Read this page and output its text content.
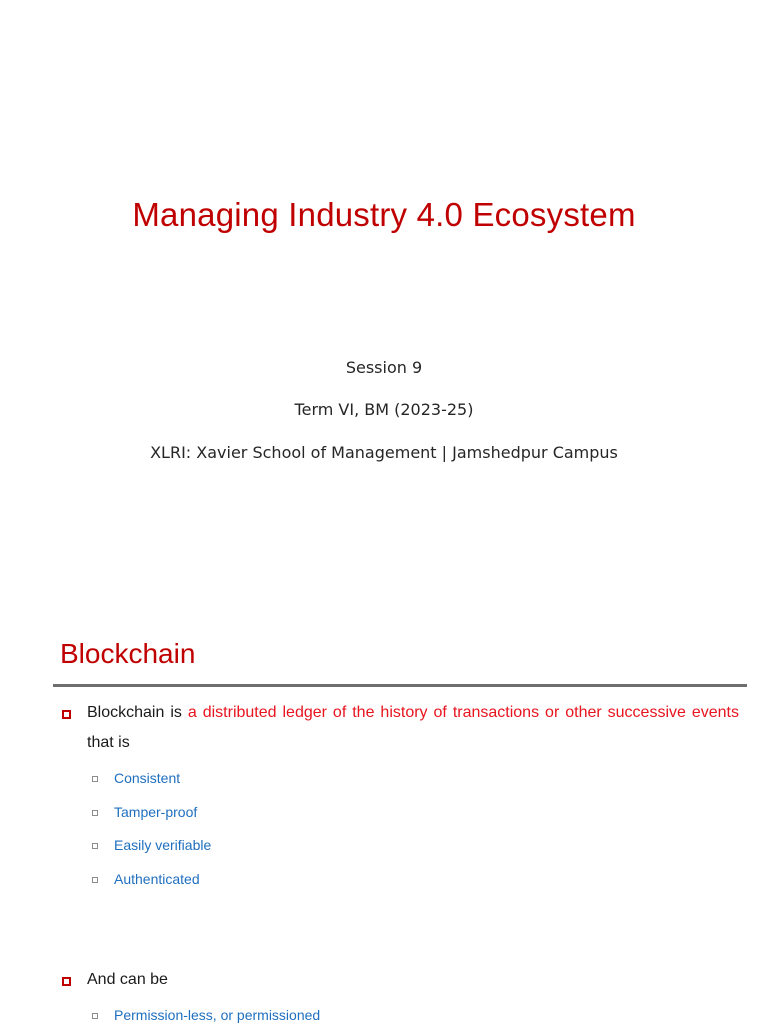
Managing Industry 4.0 Ecosystem
Session 9
Term VI, BM (2023-25)
XLRI: Xavier School of Management | Jamshedpur Campus
Blockchain
Blockchain is a distributed ledger of the history of transactions or other successive events that is
Consistent
Tamper-proof
Easily verifiable
Authenticated
And can be
Permission-less, or permissioned
